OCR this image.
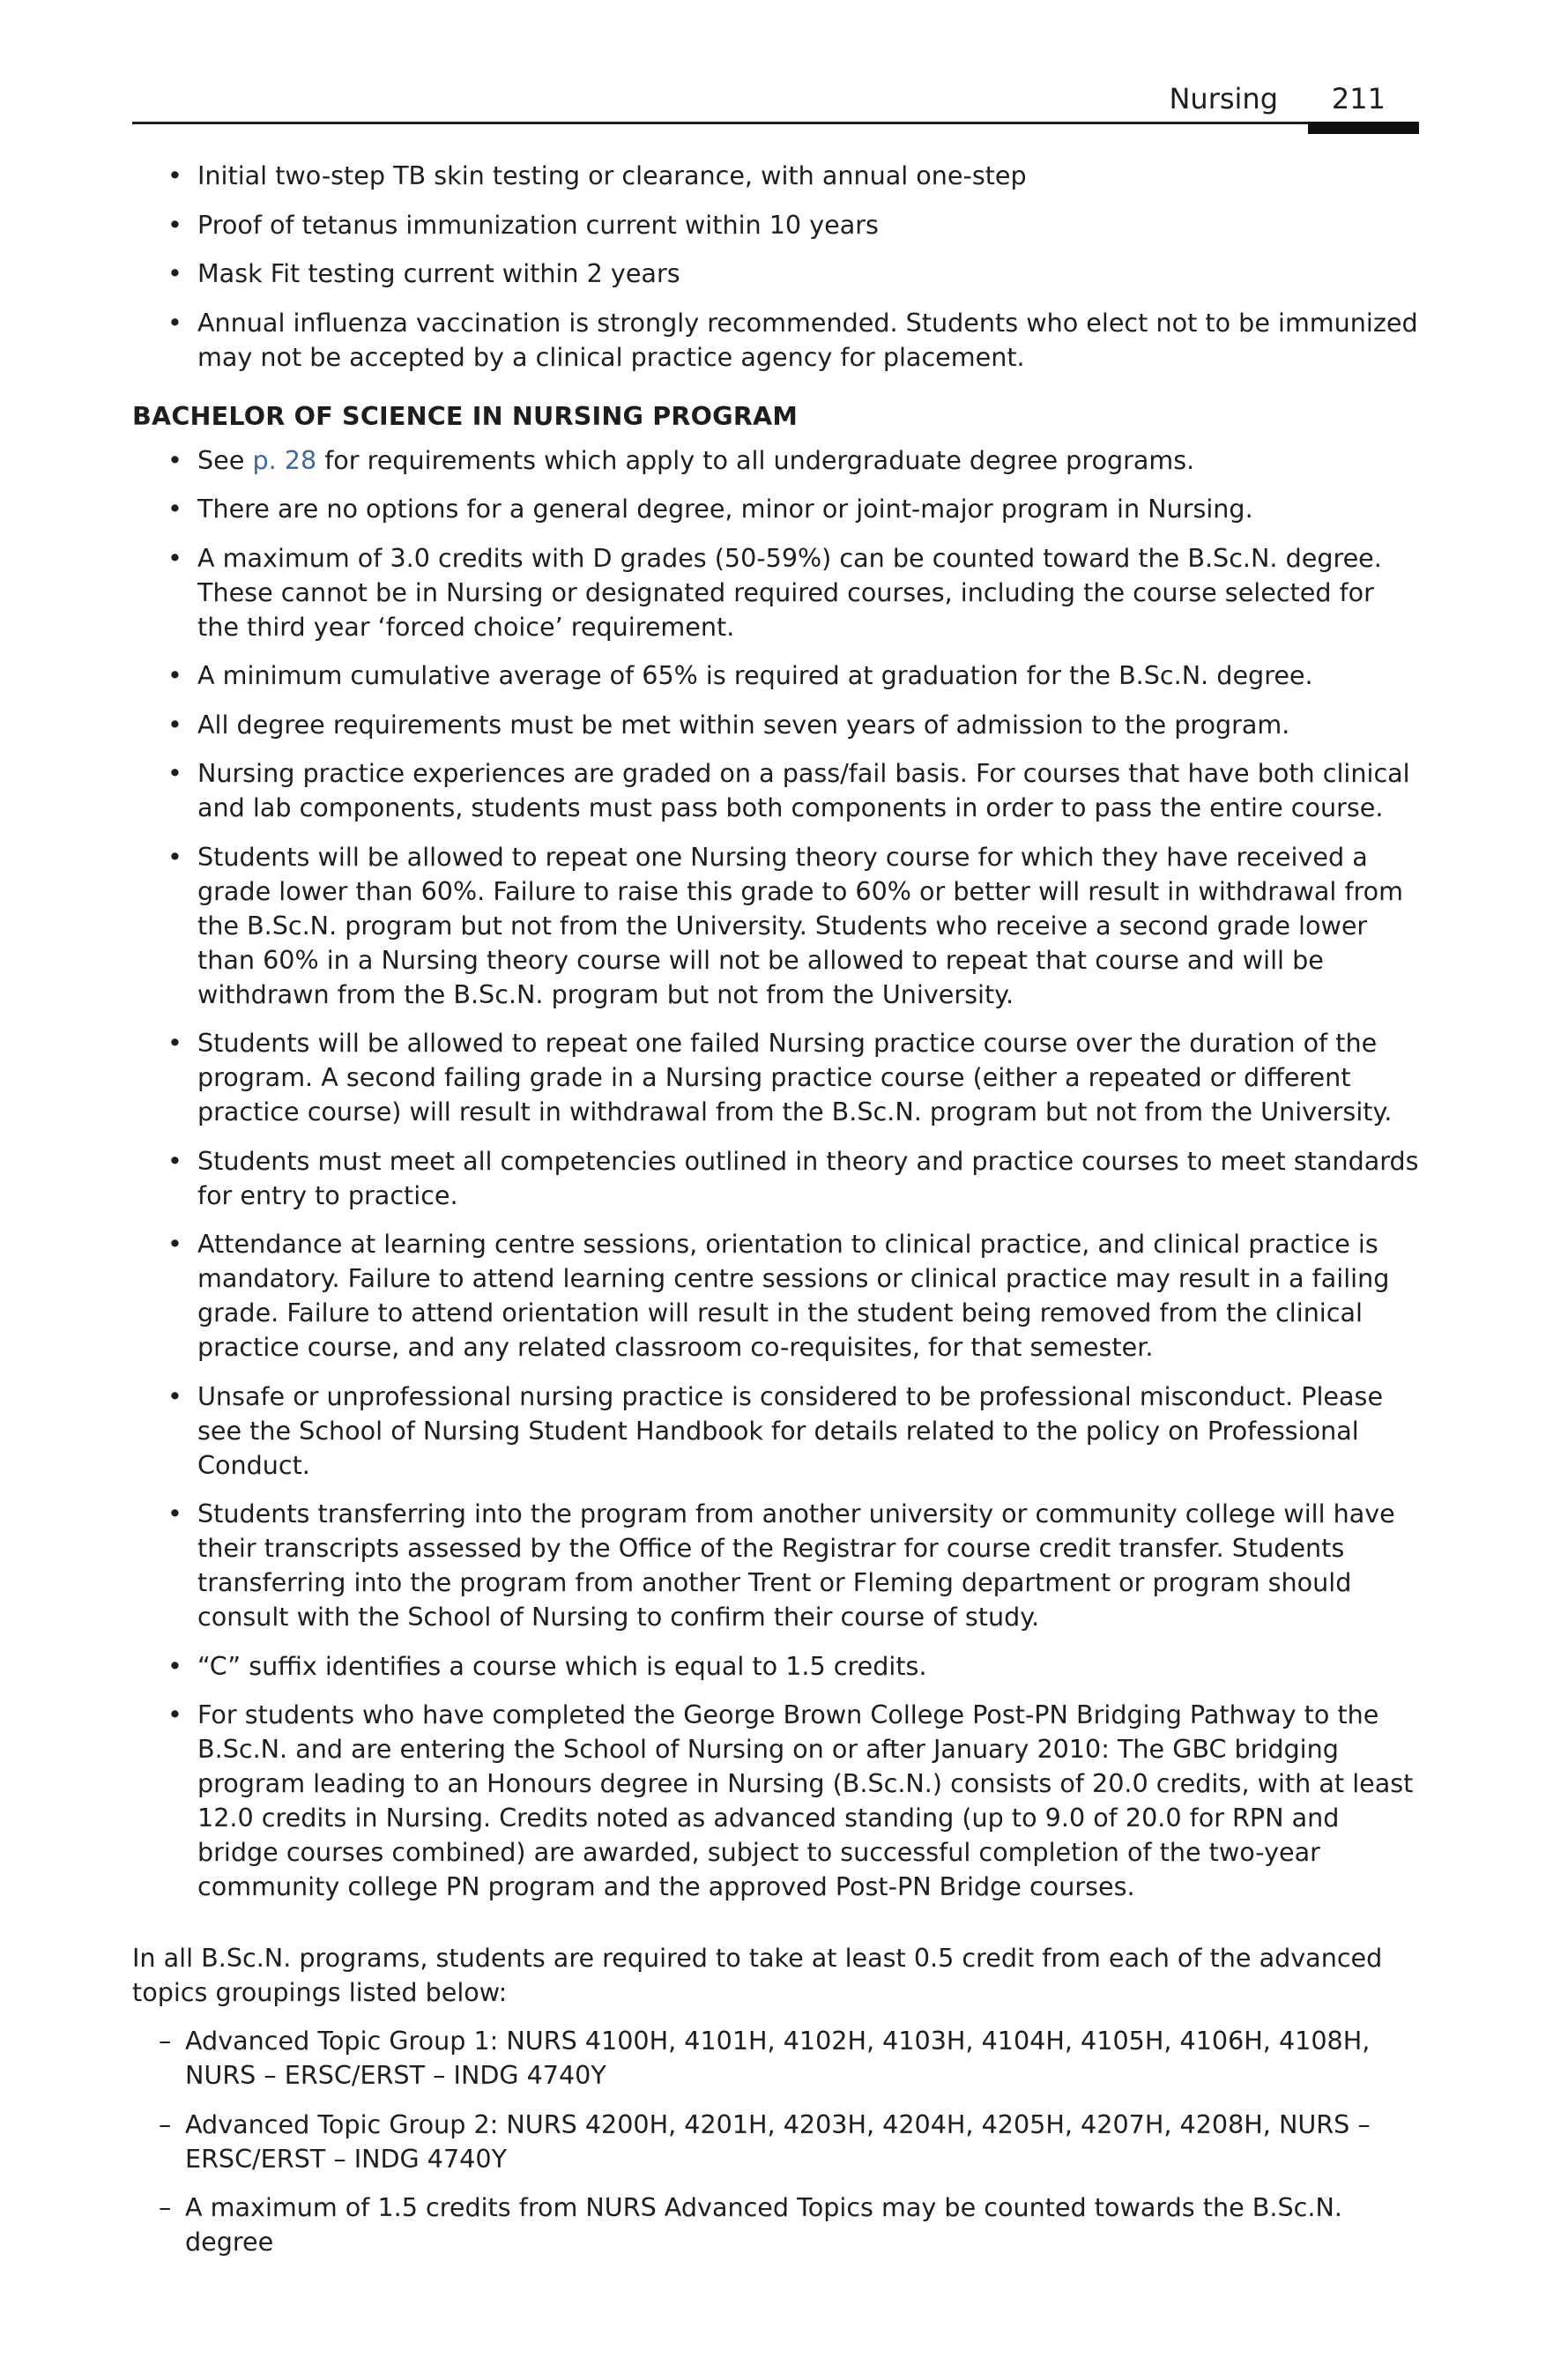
Nursing 211
• Initial two-step TB skin testing or clearance, with annual one-step
• Proof of tetanus immunization current within 10 years
• Mask Fit testing current within 2 years
• Annual influenza vaccination is strongly recommended. Students who elect not to be immunized may not be accepted by a clinical practice agency for placement.
BACHELOR OF SCIENCE IN NURSING PROGRAM
• See p. 28 for requirements which apply to all undergraduate degree programs.
• There are no options for a general degree, minor or joint-major program in Nursing.
• A maximum of 3.0 credits with D grades (50-59%) can be counted toward the B.Sc.N. degree. These cannot be in Nursing or designated required courses, including the course selected for the third year ‘forced choice’ requirement.
• A minimum cumulative average of 65% is required at graduation for the B.Sc.N. degree.
• All degree requirements must be met within seven years of admission to the program.
• Nursing practice experiences are graded on a pass/fail basis. For courses that have both clinical and lab components, students must pass both components in order to pass the entire course.
• Students will be allowed to repeat one Nursing theory course for which they have received a grade lower than 60%. Failure to raise this grade to 60% or better will result in withdrawal from the B.Sc.N. program but not from the University. Students who receive a second grade lower than 60% in a Nursing theory course will not be allowed to repeat that course and will be withdrawn from the B.Sc.N. program but not from the University.
• Students will be allowed to repeat one failed Nursing practice course over the duration of the program. A second failing grade in a Nursing practice course (either a repeated or different practice course) will result in withdrawal from the B.Sc.N. program but not from the University.
• Students must meet all competencies outlined in theory and practice courses to meet standards for entry to practice.
• Attendance at learning centre sessions, orientation to clinical practice, and clinical practice is mandatory. Failure to attend learning centre sessions or clinical practice may result in a failing grade. Failure to attend orientation will result in the student being removed from the clinical practice course, and any related classroom co-requisites, for that semester.
• Unsafe or unprofessional nursing practice is considered to be professional misconduct. Please see the School of Nursing Student Handbook for details related to the policy on Professional Conduct.
• Students transferring into the program from another university or community college will have their transcripts assessed by the Office of the Registrar for course credit transfer. Students transferring into the program from another Trent or Fleming department or program should consult with the School of Nursing to confirm their course of study.
• “C” suffix identifies a course which is equal to 1.5 credits.
• For students who have completed the George Brown College Post-PN Bridging Pathway to the B.Sc.N. and are entering the School of Nursing on or after January 2010: The GBC bridging program leading to an Honours degree in Nursing (B.Sc.N.) consists of 20.0 credits, with at least 12.0 credits in Nursing. Credits noted as advanced standing (up to 9.0 of 20.0 for RPN and bridge courses combined) are awarded, subject to successful completion of the two-year community college PN program and the approved Post-PN Bridge courses.

In all B.Sc.N. programs, students are required to take at least 0.5 credit from each of the advanced topics groupings listed below:

– Advanced Topic Group 1: NURS 4100H, 4101H, 4102H, 4103H, 4104H, 4105H, 4106H, 4108H, NURS – ERSC/ERST – INDG 4740Y
– Advanced Topic Group 2: NURS 4200H, 4201H, 4203H, 4204H, 4205H, 4207H, 4208H, NURS – ERSC/ERST – INDG 4740Y
– A maximum of 1.5 credits from NURS Advanced Topics may be counted towards the B.Sc.N. degree
